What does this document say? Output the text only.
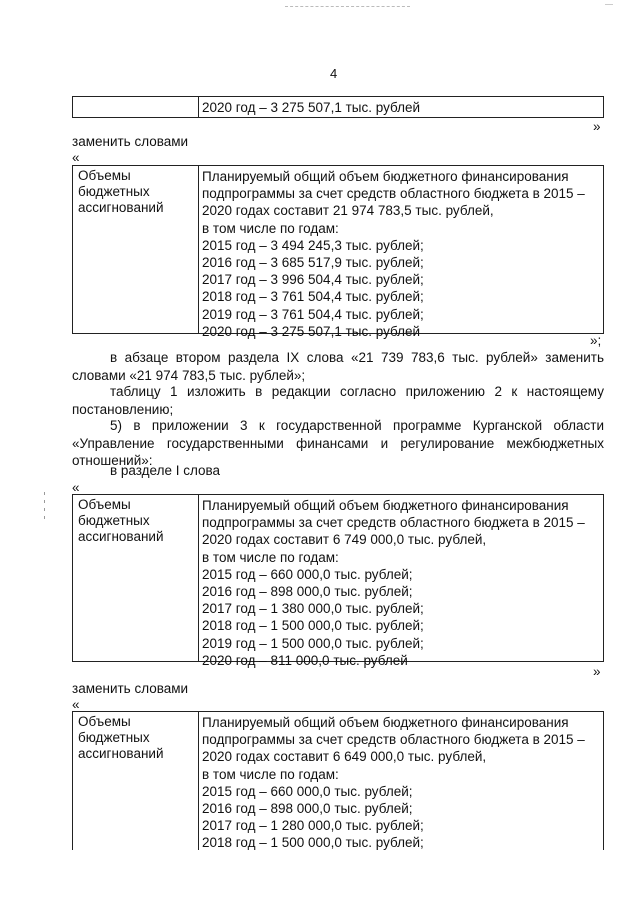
4
2020 год – 3 275 507,1 тыс. рублей
»
заменить словами
«
Объемы бюджетных ассигнований
Планируемый общий объем бюджетного финансирования
подпрограммы за счет средств областного бюджета в 2015 –
2020 годах составит 21 974 783,5 тыс. рублей,
в том числе по годам:
2015 год – 3 494 245,3 тыс. рублей;
2016 год – 3 685 517,9 тыс. рублей;
2017 год – 3 996 504,4 тыс. рублей;
2018 год – 3 761 504,4 тыс. рублей;
2019 год – 3 761 504,4 тыс. рублей;
2020 год – 3 275 507,1 тыс. рублей
»;
в абзаце втором раздела IX слова «21 739 783,6 тыс. рублей» заменить словами «21 974 783,5 тыс. рублей»;
таблицу 1 изложить в редакции согласно приложению 2 к настоящему постановлению;
5) в приложении 3 к государственной программе Курганской области «Управление государственными финансами и регулирование межбюджетных отношений»:
в разделе I слова
«
Объемы бюджетных ассигнований
Планируемый общий объем бюджетного финансирования
подпрограммы за счет средств областного бюджета в 2015 –
2020 годах составит 6 749 000,0 тыс. рублей,
в том числе по годам:
2015 год – 660 000,0 тыс. рублей;
2016 год – 898 000,0 тыс. рублей;
2017 год – 1 380 000,0 тыс. рублей;
2018 год – 1 500 000,0 тыс. рублей;
2019 год – 1 500 000,0 тыс. рублей;
2020 год – 811 000,0 тыс. рублей
»
заменить словами
«
Объемы бюджетных ассигнований
Планируемый общий объем бюджетного финансирования
подпрограммы за счет средств областного бюджета в 2015 –
2020 годах составит 6 649 000,0 тыс. рублей,
в том числе по годам:
2015 год – 660 000,0 тыс. рублей;
2016 год – 898 000,0 тыс. рублей;
2017 год – 1 280 000,0 тыс. рублей;
2018 год – 1 500 000,0 тыс. рублей;
